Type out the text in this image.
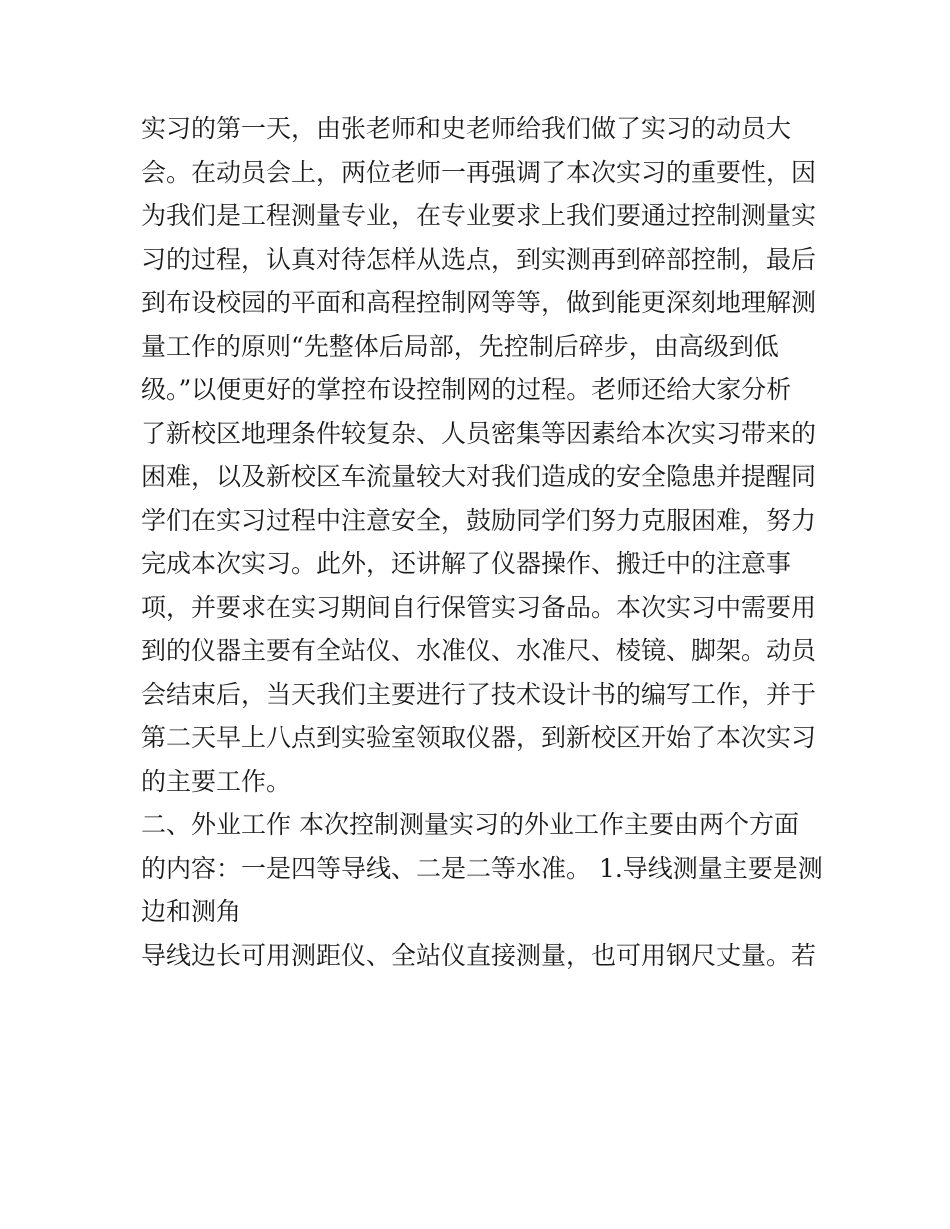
实习的第一天，由张老师和史老师给我们做了实习的动员大
会。在动员会上，两位老师一再强调了本次实习的重要性，因
为我们是工程测量专业，在专业要求上我们要通过控制测量实
习的过程，认真对待怎样从选点，到实测再到碎部控制，最后
到布设校园的平面和高程控制网等等，做到能更深刻地理解测
量工作的原则“先整体后局部，先控制后碎步，由高级到低
级。”以便更好的掌控布设控制网的过程。老师还给大家分析
了新校区地理条件较复杂、人员密集等因素给本次实习带来的
困难，以及新校区车流量较大对我们造成的安全隐患并提醒同
学们在实习过程中注意安全，鼓励同学们努力克服困难，努力
完成本次实习。此外，还讲解了仪器操作、搬迁中的注意事
项，并要求在实习期间自行保管实习备品。本次实习中需要用
到的仪器主要有全站仪、水准仪、水准尺、棱镜、脚架。动员
会结束后，当天我们主要进行了技术设计书的编写工作，并于
第二天早上八点到实验室领取仪器，到新校区开始了本次实习
的主要工作。
二、外业工作 本次控制测量实习的外业工作主要由两个方面
的内容：一是四等导线、二是二等水准。 1.导线测量主要是测
边和测角
导线边长可用测距仪、全站仪直接测量，也可用钢尺丈量。若
